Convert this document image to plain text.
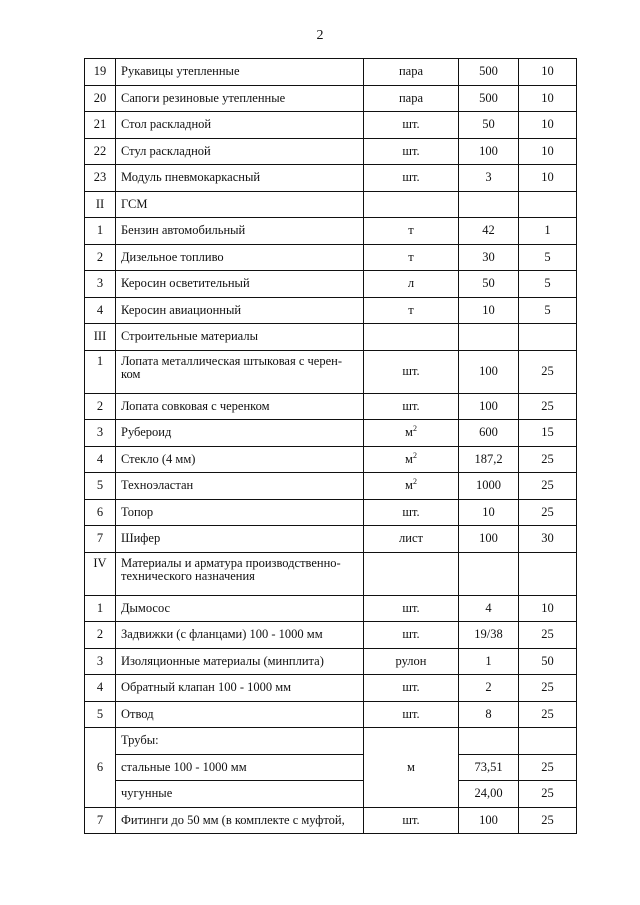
2
19	Рукавицы утепленные	пара	500	10
20	Сапоги резиновые утепленные	пара	500	10
21	Стол раскладной	шт.	50	10
22	Стул раскладной	шт.	100	10
23	Модуль пневмокаркасный	шт.	3	10
II	ГСМ			
1	Бензин автомобильный	т	42	1
2	Дизельное топливо	т	30	5
3	Керосин осветительный	л	50	5
4	Керосин авиационный	т	10	5
III	Строительные материалы			
1	Лопата металлическая штыковая с черен-ком	шт.	100	25
2	Лопата совковая с черенком	шт.	100	25
3	Рубероид	$м^2$	600	15
4	Стекло (4 мм)	$м^2$	187,2	25
5	Техноэластан	$м^2$	1000	25
6	Топор	шт.	10	25
7	Шифер	лист	100	30
IV	Материалы и арматура производственно-технического назначения			
1	Дымосос	шт.	4	10
2	Задвижки (с фланцами) 100 - 1000 мм	шт.	19/38	25
3	Изоляционные материалы (минплита)	рулон	1	50
4	Обратный клапан 100 - 1000 мм	шт.	2	25
5	Отвод	шт.	8	25
6	Трубы:	м		
	стальные 100 - 1000 мм		73,51	25
	чугунные		24,00	25
7	Фитинги до 50 мм (в комплекте с муфтой,	шт.	100	25
